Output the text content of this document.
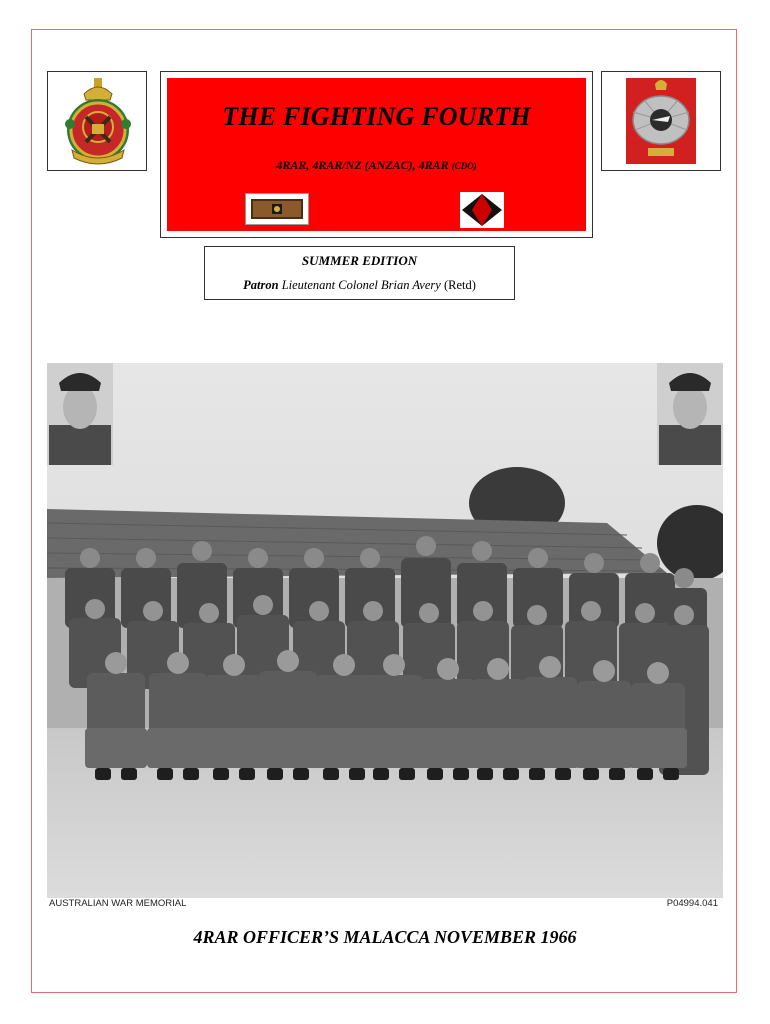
THE FIGHTING FOURTH
4RAR, 4RAR/NZ (ANZAC), 4RAR (CDO)
SUMMER EDITION
Patron Lieutenant Colonel Brian Avery (Retd)
AUSTRALIAN WAR MEMORIAL	P04994.041
4RAR OFFICER’S MALACCA NOVEMBER 1966
